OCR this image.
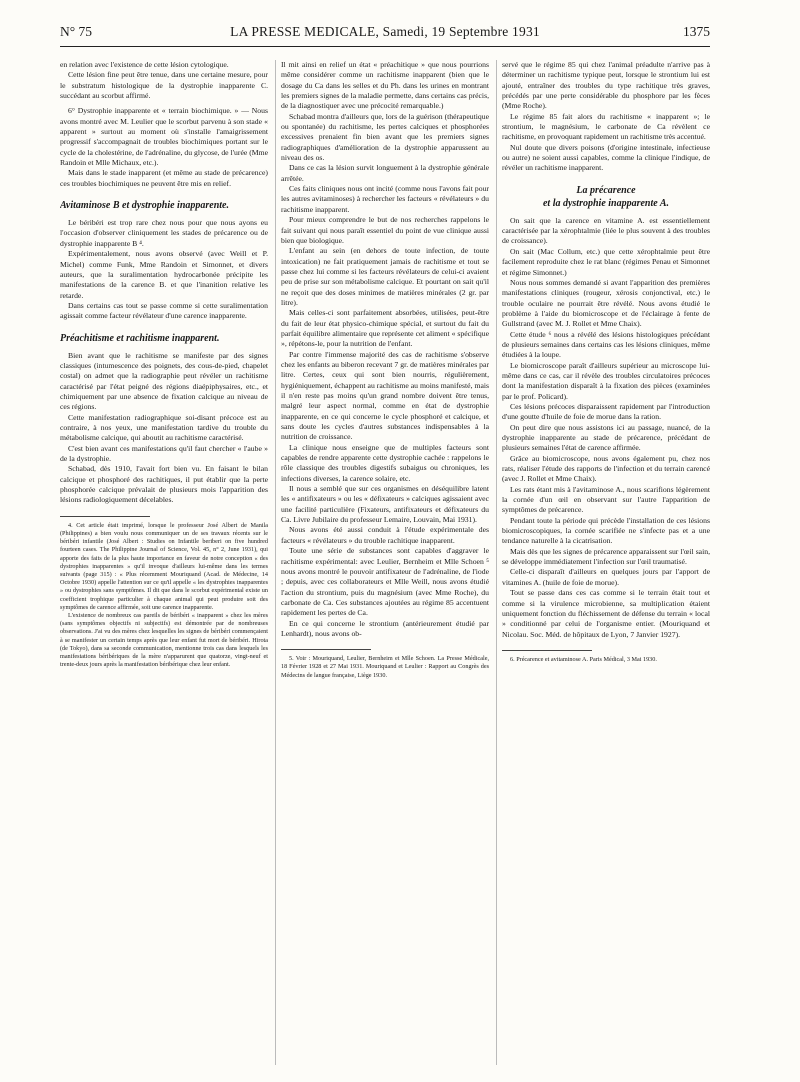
N° 75	LA PRESSE MEDICALE, Samedi, 19 Septembre 1931	1375

en relation avec l'existence de cette lésion cytologique.

Cette lésion fine peut être tenue, dans une certaine mesure, pour le substratum histologique de la dystrophie inapparente C. succédant au scorbut affirmé.

6° Dystrophie inapparente et « terrain biochimique. » — Nous avons montré avec M. Leulier que le scorbut parvenu à son stade « apparent » surtout au moment où s'installe l'amaigrissement progressif s'accompagnait de troubles biochimiques portant sur le cycle de la cholestérine, de l'adrénaline, du glycose, de l'urée (Mme Randoin et Mlle Michaux, etc.).

Mais dans le stade inapparent (et même au stade de précarence) ces troubles biochimiques ne peuvent être mis en relief.

Avitaminose B et dystrophie inapparente.

Le béribéri est trop rare chez nous pour que nous ayons eu l'occasion d'observer cliniquement les stades de précarence ou de dystrophie inapparente B ⁴.

Expérimentalement, nous avons observé (avec Weill et P. Michel) comme Funk, Mme Randoin et Simonnet, et divers auteurs, que la suralimentation hydrocarbonée précipite les manifestations de la carence B. et que l'inanition relative les retarde.

Dans certains cas tout se passe comme si cette suralimentation agissait comme facteur révélateur d'une carence inapparente.

Préachitisme et rachitisme inapparent.

Bien avant que le rachitisme se manifeste par des signes classiques (intumescence des poignets, des cous-de-pied, chapelet costal) on admet que la radiographie peut révéler un rachitisme caractérisé par l'état peigné des régions diaépiphysaires, etc., et chimiquement par une absence de fixation calcique au niveau de ces régions.

Cette manifestation radiographique soi-disant précoce est au contraire, à nos yeux, une manifestation tardive du trouble du métabolisme calcique, qui aboutit au rachitisme caractérisé.

C'est bien avant ces manifestations qu'il faut chercher « l'aube » de la dystrophie.

Schabad, dès 1910, l'avait fort bien vu. En faisant le bilan calcique et phosphoré des rachitiques, il put établir que la perte phosphorée calcique prévalait de plusieurs mois l'apparition des lésions radiologiquement décelables.

4. Cet article était imprimé, lorsque le professeur José Albert de Manila (Philippines) a bien voulu nous communiquer un de ses travaux récents sur le béribéri infantile (José Albert : Studies on Infantile beriberi on five hundred fourteen cases. The Philippine Journal of Science, Vol. 45, n° 2, June 1931), qui apporte des faits de la plus haute importance en faveur de notre conception « des dystrophies inapparentes » qu'il invoque d'ailleurs lui-même dans les termes suivants (page 315) : « Plus récemment Mouriquand (Acad. de Médecine, 14 Octobre 1930) appelle l'attention sur ce qu'il appelle « les dystrophies inapparentes » ou dystrophies sans symptômes. Il dit que dans le scorbut expérimental existe un coefficient trophique particulier à chaque animal qui peut produire soit des symptômes de carence affirmée, soit une carence inapparente.

L'existence de nombreux cas pareils de béribéri « inapparent » chez les mères (sans symptômes objectifs ni subjectifs) est démontrée par de nombreuses observations. J'ai vu des mères chez lesquelles les signes de béribéri commençaient à se manifester un certain temps après que leur enfant fut mort de béribéri. Hirota (de Tokyo), dans sa seconde communication, mentionne trois cas dans lesquels les manifestations béribériques de la mère n'apparurent que quatorze, vingt-neuf et trente-deux jours après la manifestation béribérique chez leur enfant.

Il mit ainsi en relief un état « préachitique » que nous pourrions même considérer comme un rachitisme inapparent (bien que le dosage du Ca dans les selles et du Ph. dans les urines en montrant les premiers signes de la maladie permette, dans certains cas précis, de la diagnostiquer avec une précocité remarquable.)

Schabad montra d'ailleurs que, lors de la guérison (thérapeutique ou spontanée) du rachitisme, les pertes calciques et phosphorées excessives prenaient fin bien avant que les premiers signes radiographiques d'amélioration de la dystrophie apparussent au niveau des os.

Dans ce cas la lésion survit longuement à la dystrophie générale arrêtée.

Ces faits cliniques nous ont incité (comme nous l'avons fait pour les autres avitaminoses) à rechercher les facteurs « révélateurs » du rachitisme inapparent.

Pour mieux comprendre le but de nos recherches rappelons le fait suivant qui nous paraît essentiel du point de vue clinique aussi bien que biologique.

L'enfant au sein (en dehors de toute infection, de toute intoxication) ne fait pratiquement jamais de rachitisme et tout se passe chez lui comme si les facteurs révélateurs de celui-ci avaient peu de prise sur son métabolisme calcique. Et pourtant on sait qu'il ne reçoit que des doses minimes de matières minérales (2 gr. par litre).

Mais celles-ci sont parfaitement absorbées, utilisées, peut-être du fait de leur état physico-chimique spécial, et surtout du fait du parfait équilibre alimentaire que représente cet aliment « spécifique », répétons-le, pour la nutrition de l'enfant.

Par contre l'immense majorité des cas de rachitisme s'observe chez les enfants au biberon recevant 7 gr. de matières minérales par litre. Certes, ceux qui sont bien nourris, régulièrement, hygiéniquement, échappent au rachitisme au moins manifesté, mais il n'en reste pas moins qu'un grand nombre doivent être tenus, malgré leur aspect normal, comme en état de dystrophie inapparente, en ce qui concerne le cycle phosphoré et calcique, et sans doute les cycles d'autres substances indispensables à la nutrition de croissance.

La clinique nous enseigne que de multiples facteurs sont capables de rendre apparente cette dystrophie cachée : rappelons le rôle classique des troubles digestifs subaigus ou chroniques, les infections diverses, la carence solaire, etc.

Il nous a semblé que sur ces organismes en déséquilibre latent les « antifixateurs » ou les « défixateurs » calciques agissaient avec une facilité particulière (Fixateurs, antifixateurs et défixateurs du Ca. Livre Jubilaire du professeur Lemaire, Louvain, Mai 1931).

Nous avons été aussi conduit à l'étude expérimentale des facteurs « révélateurs » du trouble rachitique inapparent.

Toute une série de substances sont capables d'aggraver le rachitisme expérimental: avec Leulier, Bernheim et Mlle Schoen ⁵ nous avons montré le pouvoir antifixateur de l'adrénaline, de l'iode ; depuis, avec ces collaborateurs et Mlle Weill, nous avons étudié l'action du strontium, puis du magnésium (avec Mme Roche), du carbonate de Ca. Ces substances ajoutées au régime 85 accentuent rapidement les pertes de Ca.

En ce qui concerne le strontium (antérieurement étudié par Lenhardt), nous avons ob-

5. Voir : Mouriquand, Leulier, Bernheim et Mlle Schoen. La Presse Médicale, 18 Février 1928 et 27 Mai 1931. Mouriquand et Leulier : Rapport au Congrès des Médecins de langue française, Liège 1930.

servé que le régime 85 qui chez l'animal préadulte n'arrive pas à déterminer un rachitisme typique peut, lorsque le strontium lui est ajouté, entraîner des troubles du type rachitique très graves, précédés par une perte considérable du phosphore par les fèces (Mme Roche).

Le régime 85 fait alors du rachitisme « inapparent »; le strontium, le magnésium, le carbonate de Ca révèlent ce rachitisme, en provoquant rapidement un rachitisme très accentué.

Nul doute que divers poisons (d'origine intestinale, infectieuse ou autre) ne soient aussi capables, comme la clinique l'indique, de révéler un rachitisme inapparent.

La précarence
et la dystrophie inapparente A.

On sait que la carence en vitamine A. est essentiellement caractérisée par la xérophtalmie (liée le plus souvent à des troubles de croissance).

On sait (Mac Collum, etc.) que cette xérophtalmie peut être facilement reproduite chez le rat blanc (régimes Penau et Simonnet et régime Simonnet.)

Nous nous sommes demandé si avant l'apparition des premières manifestations cliniques (rougeur, xérosis conjonctival, etc.) le trouble oculaire ne pourrait être révélé. Nous avons étudié le problème à l'aide du biomicroscope et de l'éclairage à fente de Gullstrand (avec M. J. Rollet et Mme Chaix).

Cette étude ⁶ nous a révélé des lésions histologiques précédant de plusieurs semaines dans certains cas les lésions cliniques, même étudiées à la loupe.

Le biomicroscope paraît d'ailleurs supérieur au microscope lui-même dans ce cas, car il révèle des troubles circulatoires précoces dont la manifestation disparaît à la fixation des pièces (examinées par le prof. Policard).

Ces lésions précoces disparaissent rapidement par l'introduction d'une goutte d'huile de foie de morue dans la ration.

On peut dire que nous assistons ici au passage, nuancé, de la dystrophie inapparente au stade de précarence, précédant de plusieurs semaines l'état de carence affirmée.

Grâce au biomicroscope, nous avons également pu, chez nos rats, réaliser l'étude des rapports de l'infection et du terrain carencé (avec J. Rollet et Mme Chaix).

Les rats étant mis à l'avitaminose A., nous scarifions légèrement la cornée d'un œil en observant sur l'autre l'apparition de symptômes de précarence.

Pendant toute la période qui précède l'installation de ces lésions biomicroscopiques, la cornée scarifiée ne s'infecte pas et a une tendance naturelle à la cicatrisation.

Mais dès que les signes de précarence apparaissent sur l'œil sain, se développe immédiatement l'infection sur l'œil traumatisé.

Celle-ci disparaît d'ailleurs en quelques jours par l'apport de vitamines A. (huile de foie de morue).

Tout se passe dans ces cas comme si le terrain était tout et comme si la virulence microbienne, sa multiplication étaient uniquement fonction du fléchissement de défense du terrain « local » conditionné par celui de l'organisme entier. (Mouriquand et Nicolau. Soc. Méd. de hôpitaux de Lyon, 7 Janvier 1927).

6. Précarence et avitaminose A. Paris Médical, 3 Mai 1930.
